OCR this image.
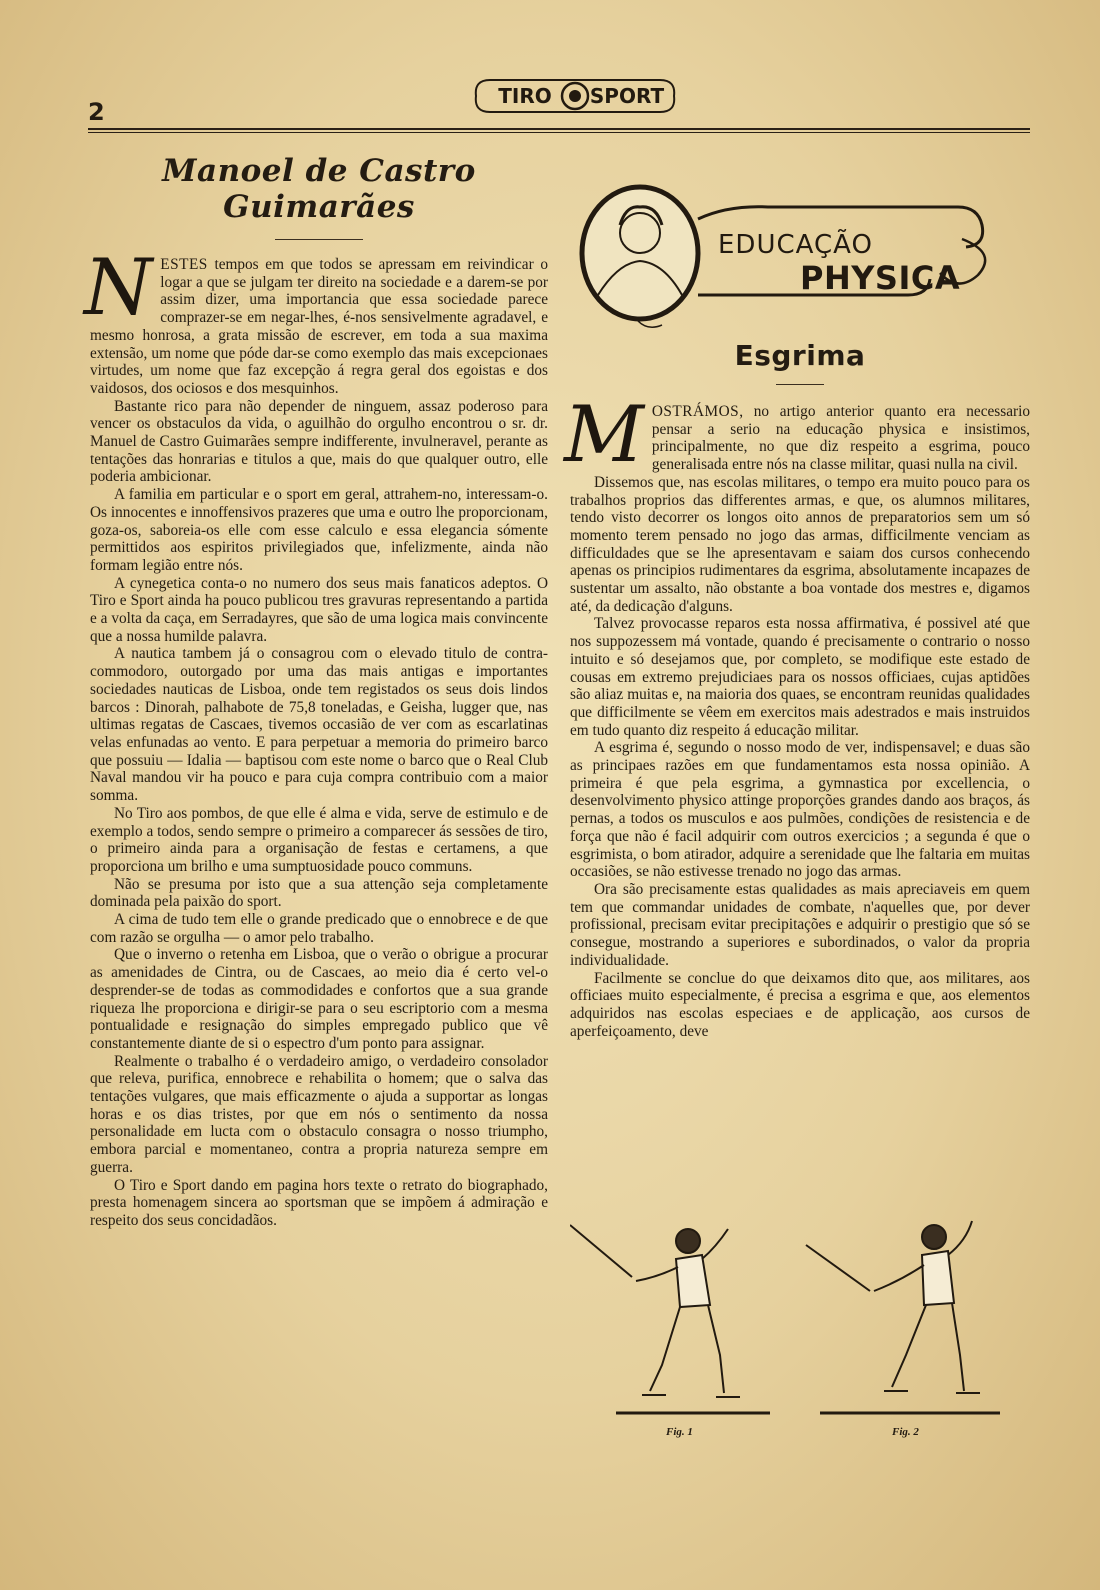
2
TIRO SPORT
Manoel de Castro Guimarães

NESTES tempos em que todos se apressam em reivindicar o logar a que se julgam ter direito na sociedade e a darem-se por assim dizer, uma importancia que essa sociedade parece comprazer-se em negar-lhes, é-nos sensivelmente agradavel, e mesmo honrosa, a grata missão de escrever, em toda a sua maxima extensão, um nome que póde dar-se como exemplo das mais excepcionaes virtudes, um nome que faz excepção á regra geral dos egoistas e dos vaidosos, dos ociosos e dos mesquinhos.

Bastante rico para não depender de ninguem, assaz poderoso para vencer os obstaculos da vida, o aguilhão do orgulho encontrou o sr. dr. Manuel de Castro Guimarães sempre indifferente, invulneravel, perante as tentações das honrarias e titulos a que, mais do que qualquer outro, elle poderia ambicionar.

A familia em particular e o sport em geral, attrahem-no, interessam-o. Os innocentes e innoffensivos prazeres que uma e outro lhe proporcionam, goza-os, saboreia-os elle com esse calculo e essa elegancia sómente permittidos aos espiritos privilegiados que, infelizmente, ainda não formam legião entre nós.

A cynegetica conta-o no numero dos seus mais fanaticos adeptos. O Tiro e Sport ainda ha pouco publicou tres gravuras representando a partida e a volta da caça, em Serradayres, que são de uma logica mais convincente que a nossa humilde palavra.

A nautica tambem já o consagrou com o elevado titulo de contra-commodoro, outorgado por uma das mais antigas e importantes sociedades nauticas de Lisboa, onde tem registados os seus dois lindos barcos : Dinorah, palhabote de 75,8 toneladas, e Geisha, lugger que, nas ultimas regatas de Cascaes, tivemos occasião de ver com as escarlatinas velas enfunadas ao vento. E para perpetuar a memoria do primeiro barco que possuiu — Idalia — baptisou com este nome o barco que o Real Club Naval mandou vir ha pouco e para cuja compra contribuio com a maior somma.

No Tiro aos pombos, de que elle é alma e vida, serve de estimulo e de exemplo a todos, sendo sempre o primeiro a comparecer ás sessões de tiro, o primeiro ainda para a organisação de festas e certamens, a que proporciona um brilho e uma sumptuosidade pouco communs.

Não se presuma por isto que a sua attenção seja completamente dominada pela paixão do sport.

A cima de tudo tem elle o grande predicado que o ennobrece e de que com razão se orgulha — o amor pelo trabalho.

Que o inverno o retenha em Lisboa, que o verão o obrigue a procurar as amenidades de Cintra, ou de Cascaes, ao meio dia é certo vel-o desprender-se de todas as commodidades e confortos que a sua grande riqueza lhe proporciona e dirigir-se para o seu escriptorio com a mesma pontualidade e resignação do simples empregado publico que vê constantemente diante de si o espectro d'um ponto para assignar.

Realmente o trabalho é o verdadeiro amigo, o verdadeiro consolador que releva, purifica, ennobrece e rehabilita o homem; que o salva das tentações vulgares, que mais efficazmente o ajuda a supportar as longas horas e os dias tristes, por que em nós o sentimento da nossa personalidade em lucta com o obstaculo consagra o nosso triumpho, embora parcial e momentaneo, contra a propria natureza sempre em guerra.

O Tiro e Sport dando em pagina hors texte o retrato do biographado, presta homenagem sincera ao sportsman que se impõem á admiração e respeito dos seus concidadãos.

EDUCAÇÃO
PHYSICA
Esgrima

MOSTRÁMOS, no artigo anterior quanto era necessario pensar a serio na educação physica e insistimos, principalmente, no que diz respeito a esgrima, pouco generalisada entre nós na classe militar, quasi nulla na civil.

Dissemos que, nas escolas militares, o tempo era muito pouco para os trabalhos proprios das differentes armas, e que, os alumnos militares, tendo visto decorrer os longos oito annos de preparatorios sem um só momento terem pensado no jogo das armas, difficilmente venciam as difficuldades que se lhe apresentavam e saiam dos cursos conhecendo apenas os principios rudimentares da esgrima, absolutamente incapazes de sustentar um assalto, não obstante a boa vontade dos mestres e, digamos até, da dedicação d'alguns.

Talvez provocasse reparos esta nossa affirmativa, é possivel até que nos suppozessem má vontade, quando é precisamente o contrario o nosso intuito e só desejamos que, por completo, se modifique este estado de cousas em extremo prejudiciaes para os nossos officiaes, cujas aptidões são aliaz muitas e, na maioria dos quaes, se encontram reunidas qualidades que difficilmente se vêem em exercitos mais adestrados e mais instruidos em tudo quanto diz respeito á educação militar.

A esgrima é, segundo o nosso modo de ver, indispensavel; e duas são as principaes razões em que fundamentamos esta nossa opinião. A primeira é que pela esgrima, a gymnastica por excellencia, o desenvolvimento physico attinge proporções grandes dando aos braços, ás pernas, a todos os musculos e aos pulmões, condições de resistencia e de força que não é facil adquirir com outros exercicios ; a segunda é que o esgrimista, o bom atirador, adquire a serenidade que lhe faltaria em muitas occasiões, se não estivesse trenado no jogo das armas.

Ora são precisamente estas qualidades as mais apreciaveis em quem tem que commandar unidades de combate, n'aquelles que, por dever profissional, precisam evitar precipitações e adquirir o prestigio que só se consegue, mostrando a superiores e subordinados, o valor da propria individualidade.

Facilmente se conclue do que deixamos dito que, aos militares, aos officiaes muito especialmente, é precisa a esgrima e que, aos elementos adquiridos nas escolas especiaes e de applicação, aos cursos de aperfeiçoamento, deve

Fig. 1	Fig. 2
